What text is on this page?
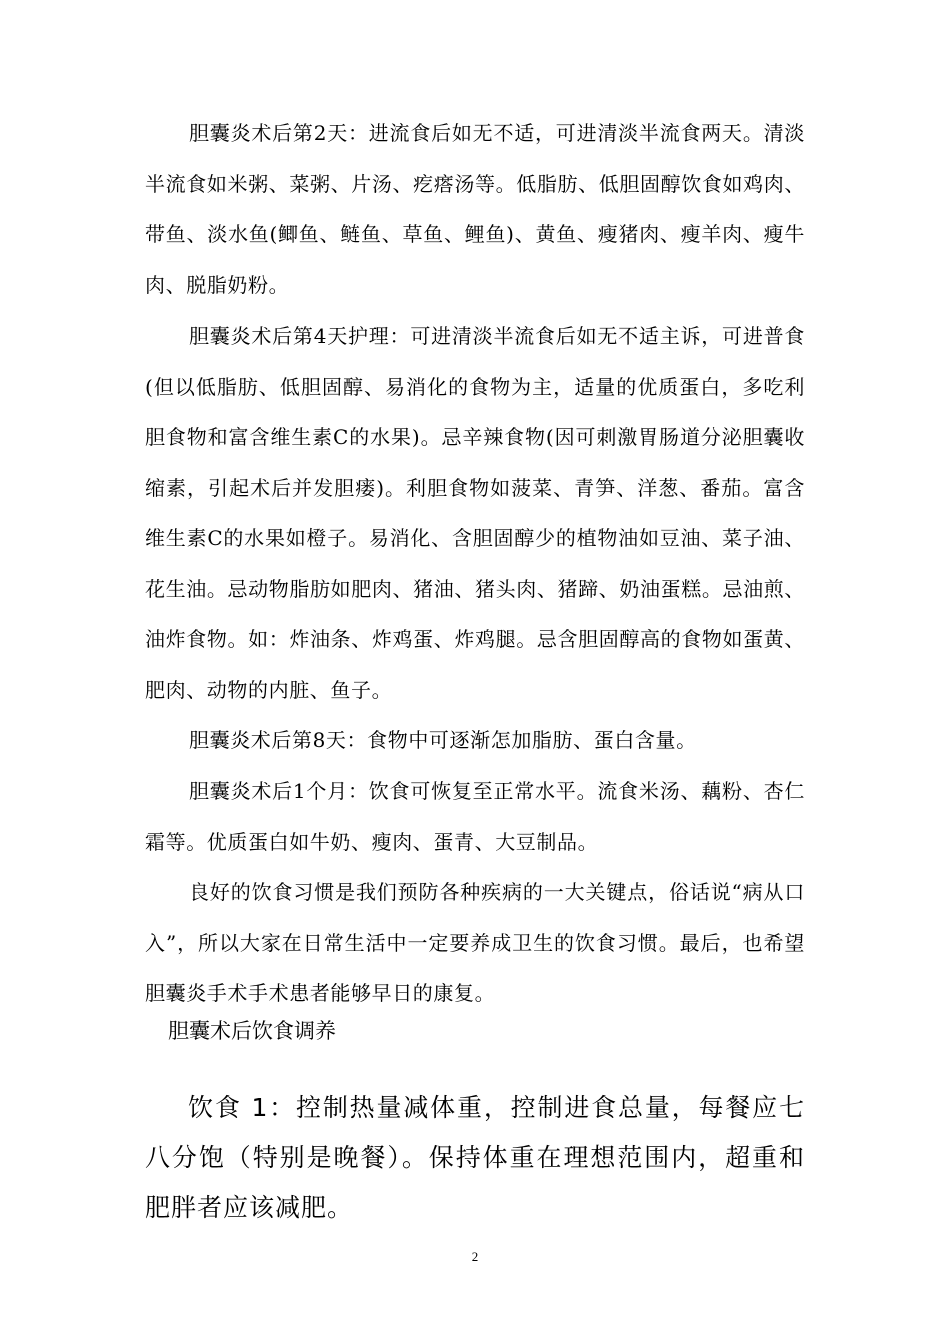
胆囊炎术后第2天：进流食后如无不适，可进清淡半流食两天。清淡半流食如米粥、菜粥、片汤、疙瘩汤等。低脂肪、低胆固醇饮食如鸡肉、带鱼、淡水鱼(鲫鱼、鲢鱼、草鱼、鲤鱼)、黄鱼、瘦猪肉、瘦羊肉、瘦牛肉、脱脂奶粉。

胆囊炎术后第4天护理：可进清淡半流食后如无不适主诉，可进普食(但以低脂肪、低胆固醇、易消化的食物为主，适量的优质蛋白，多吃利胆食物和富含维生素C的水果)。忌辛辣食物(因可刺激胃肠道分泌胆囊收缩素，引起术后并发胆瘘)。利胆食物如菠菜、青笋、洋葱、番茄。富含维生素C的水果如橙子。易消化、含胆固醇少的植物油如豆油、菜子油、花生油。忌动物脂肪如肥肉、猪油、猪头肉、猪蹄、奶油蛋糕。忌油煎、油炸食物。如：炸油条、炸鸡蛋、炸鸡腿。忌含胆固醇高的食物如蛋黄、肥肉、动物的内脏、鱼子。

胆囊炎术后第8天：食物中可逐渐怎加脂肪、蛋白含量。

胆囊炎术后1个月：饮食可恢复至正常水平。流食米汤、藕粉、杏仁霜等。优质蛋白如牛奶、瘦肉、蛋青、大豆制品。

良好的饮食习惯是我们预防各种疾病的一大关键点，俗话说“病从口入”，所以大家在日常生活中一定要养成卫生的饮食习惯。最后，也希望胆囊炎手术手术患者能够早日的康复。

胆囊术后饮食调养

饮食 1：控制热量减体重，控制进食总量，每餐应七八分饱（特别是晚餐）。保持体重在理想范围内，超重和肥胖者应该减肥。

2
